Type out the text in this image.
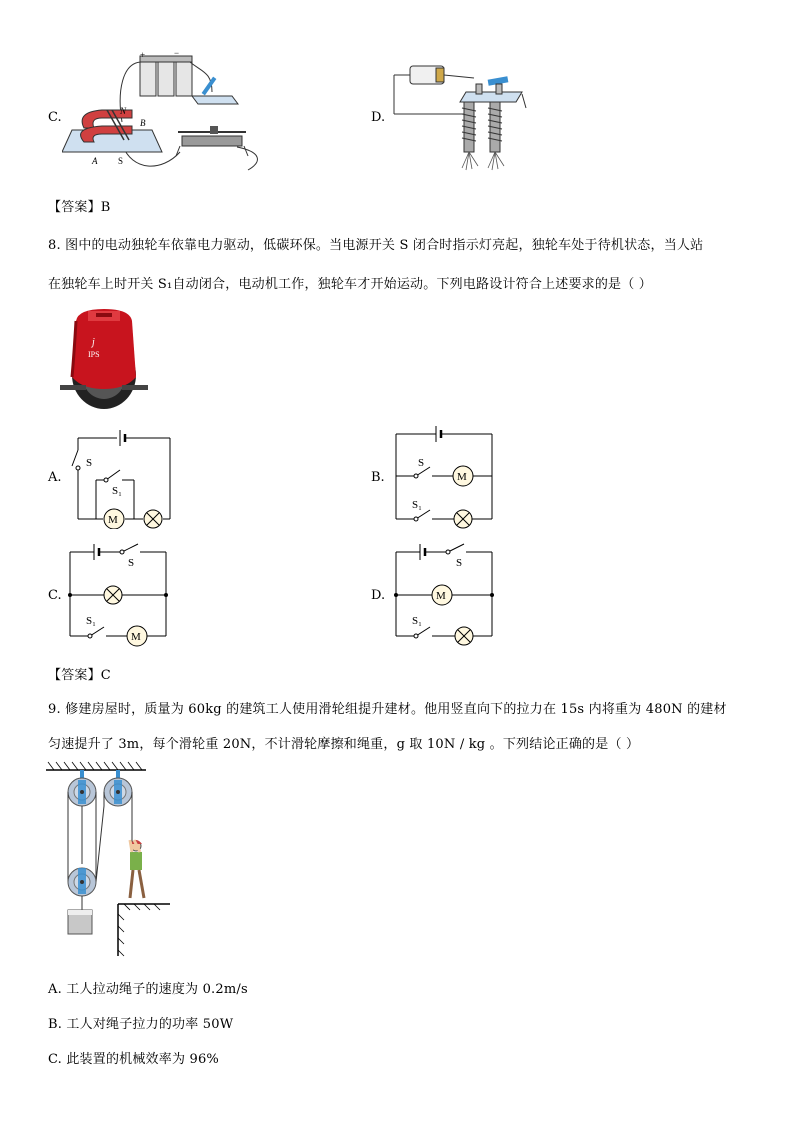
C.
+	−
N
B
A S
D.
【答案】B
8. 图中的电动独轮车依靠电力驱动，低碳环保。当电源开关 S 闭合时指示灯亮起，独轮车处于待机状态，当人站
在独轮车上时开关 S₁自动闭合，电动机工作，独轮车才开始运动。下列电路设计符合上述要求的是（ ）
j
IPS
A.
M
S
S₁
B.	M
S
S₁
C.
M
S
S₁
D.	M
S
S₁
【答案】C
9. 修建房屋时，质量为 60kg 的建筑工人使用滑轮组提升建材。他用竖直向下的拉力在 15s 内将重为 480N 的建材
匀速提升了 3m，每个滑轮重 20N，不计滑轮摩擦和绳重，g 取 10N / kg 。下列结论正确的是（ ）
A. 工人拉动绳子的速度为 0.2m/s
B. 工人对绳子拉力的功率 50W
C. 此装置的机械效率为 96%
